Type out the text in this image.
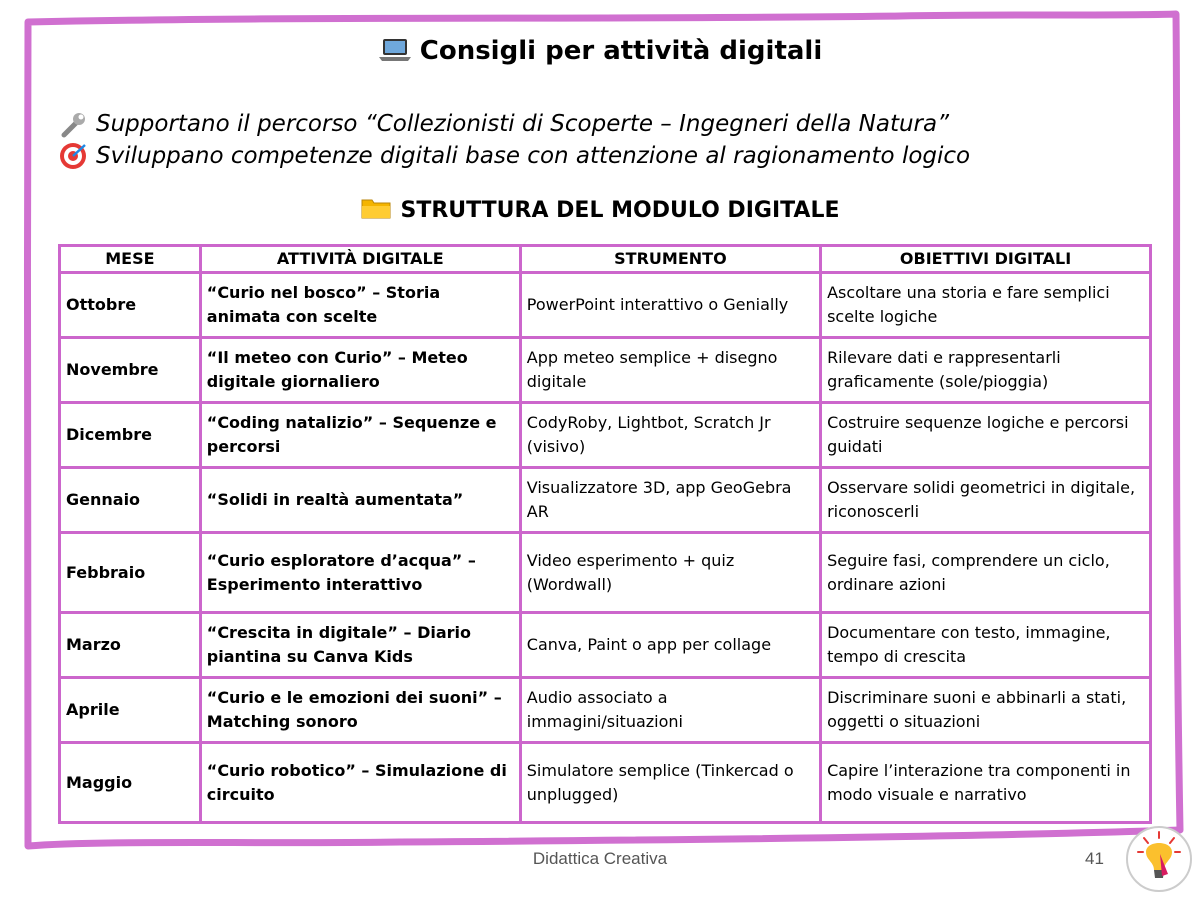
Consigli per attività digitali
Supportano il percorso “Collezionisti di Scoperte – Ingegneri della Natura”
Sviluppano competenze digitali base con attenzione al ragionamento logico
STRUTTURA DEL MODULO DIGITALE
MESE	ATTIVITÀ DIGITALE	STRUMENTO	OBIETTIVI DIGITALI
Ottobre	“Curio nel bosco” – Storia animata con scelte	PowerPoint interattivo o Genially	Ascoltare una storia e fare semplici scelte logiche
Novembre	“Il meteo con Curio” – Meteo digitale giornaliero	App meteo semplice + disegno digitale	Rilevare dati e rappresentarli graficamente (sole/pioggia)
Dicembre	“Coding natalizio” – Sequenze e percorsi	CodyRoby, Lightbot, Scratch Jr (visivo)	Costruire sequenze logiche e percorsi guidati
Gennaio	“Solidi in realtà aumentata”	Visualizzatore 3D, app GeoGebra AR	Osservare solidi geometrici in digitale, riconoscerli
Febbraio	“Curio esploratore d’acqua” – Esperimento interattivo	Video esperimento + quiz (Wordwall)	Seguire fasi, comprendere un ciclo, ordinare azioni
Marzo	“Crescita in digitale” – Diario piantina su Canva Kids	Canva, Paint o app per collage	Documentare con testo, immagine, tempo di crescita
Aprile	“Curio e le emozioni dei suoni” – Matching sonoro	Audio associato a immagini/situazioni	Discriminare suoni e abbinarli a stati, oggetti o situazioni
Maggio	“Curio robotico” – Simulazione di circuito	Simulatore semplice (Tinkercad o unplugged)	Capire l’interazione tra componenti in modo visuale e narrativo
Didattica Creativa	41
